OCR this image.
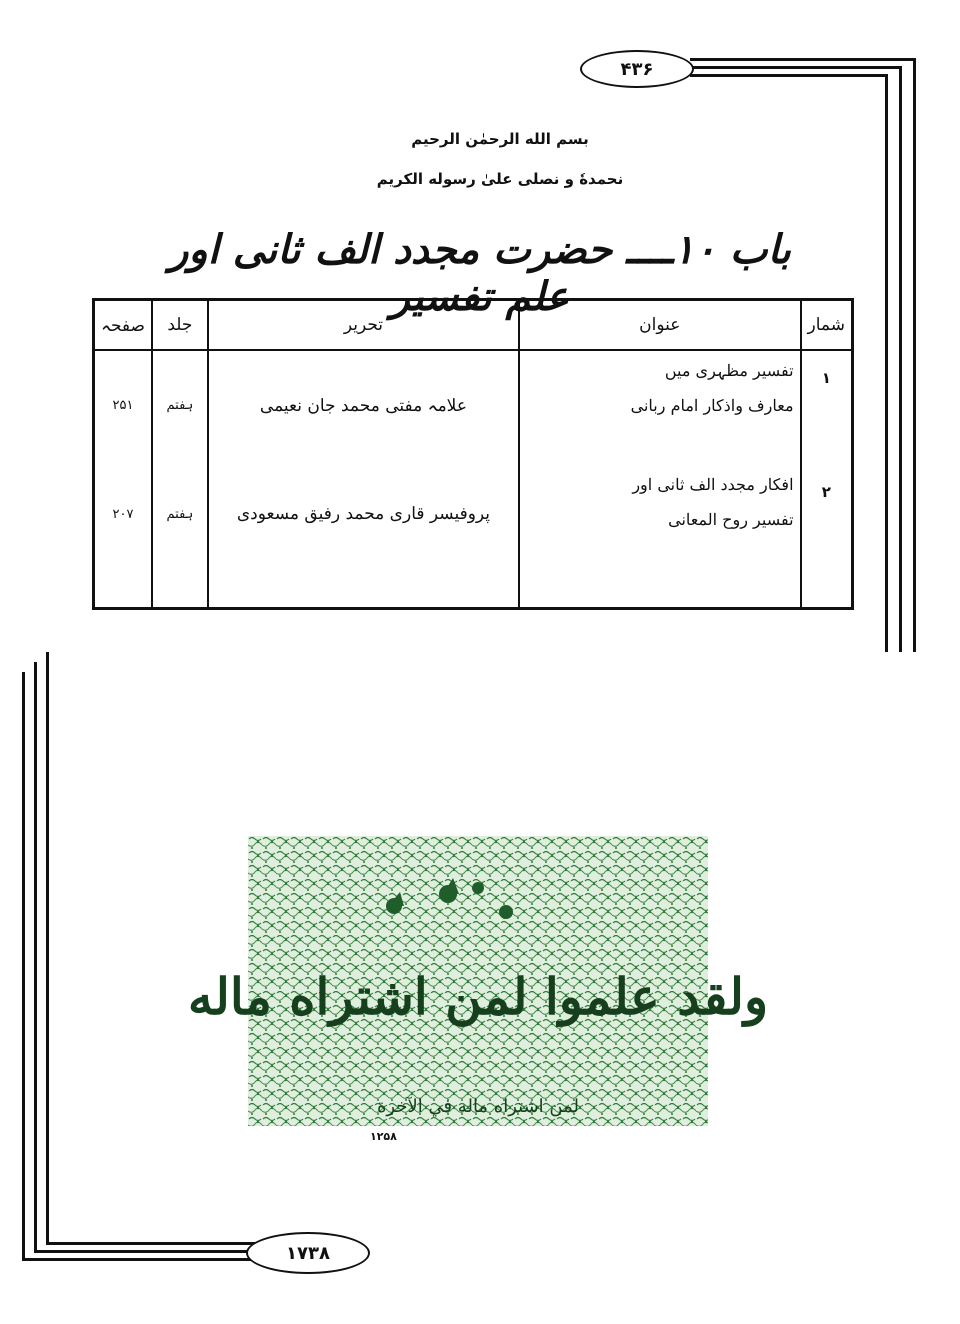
۴۳۶
۱۷۳۸
بسم الله الرحمٰن الرحیم
نحمدهٗ و نصلی علیٰ رسوله الکریم
باب ۱۰ــــ حضرت مجدد الف ثانی اور علم تفسیر
شمار	عنوان	تحریر	جلد	صفحہ

۱	تفسیر مظہری میں
معارف واذکار امام ربانی	علامہ مفتی محمد جان نعیمی	ہفتم	۲۵۱

۲	افکار مجدد الف ثانی اور
تفسیر روح المعانی	پروفیسر قاری محمد رفیق مسعودی	ہفتم	۲۰۷
ولقد علموا لمن اشتراه ماله
لمن اشتراه ماله في الآخرة
۱۲۵۸
